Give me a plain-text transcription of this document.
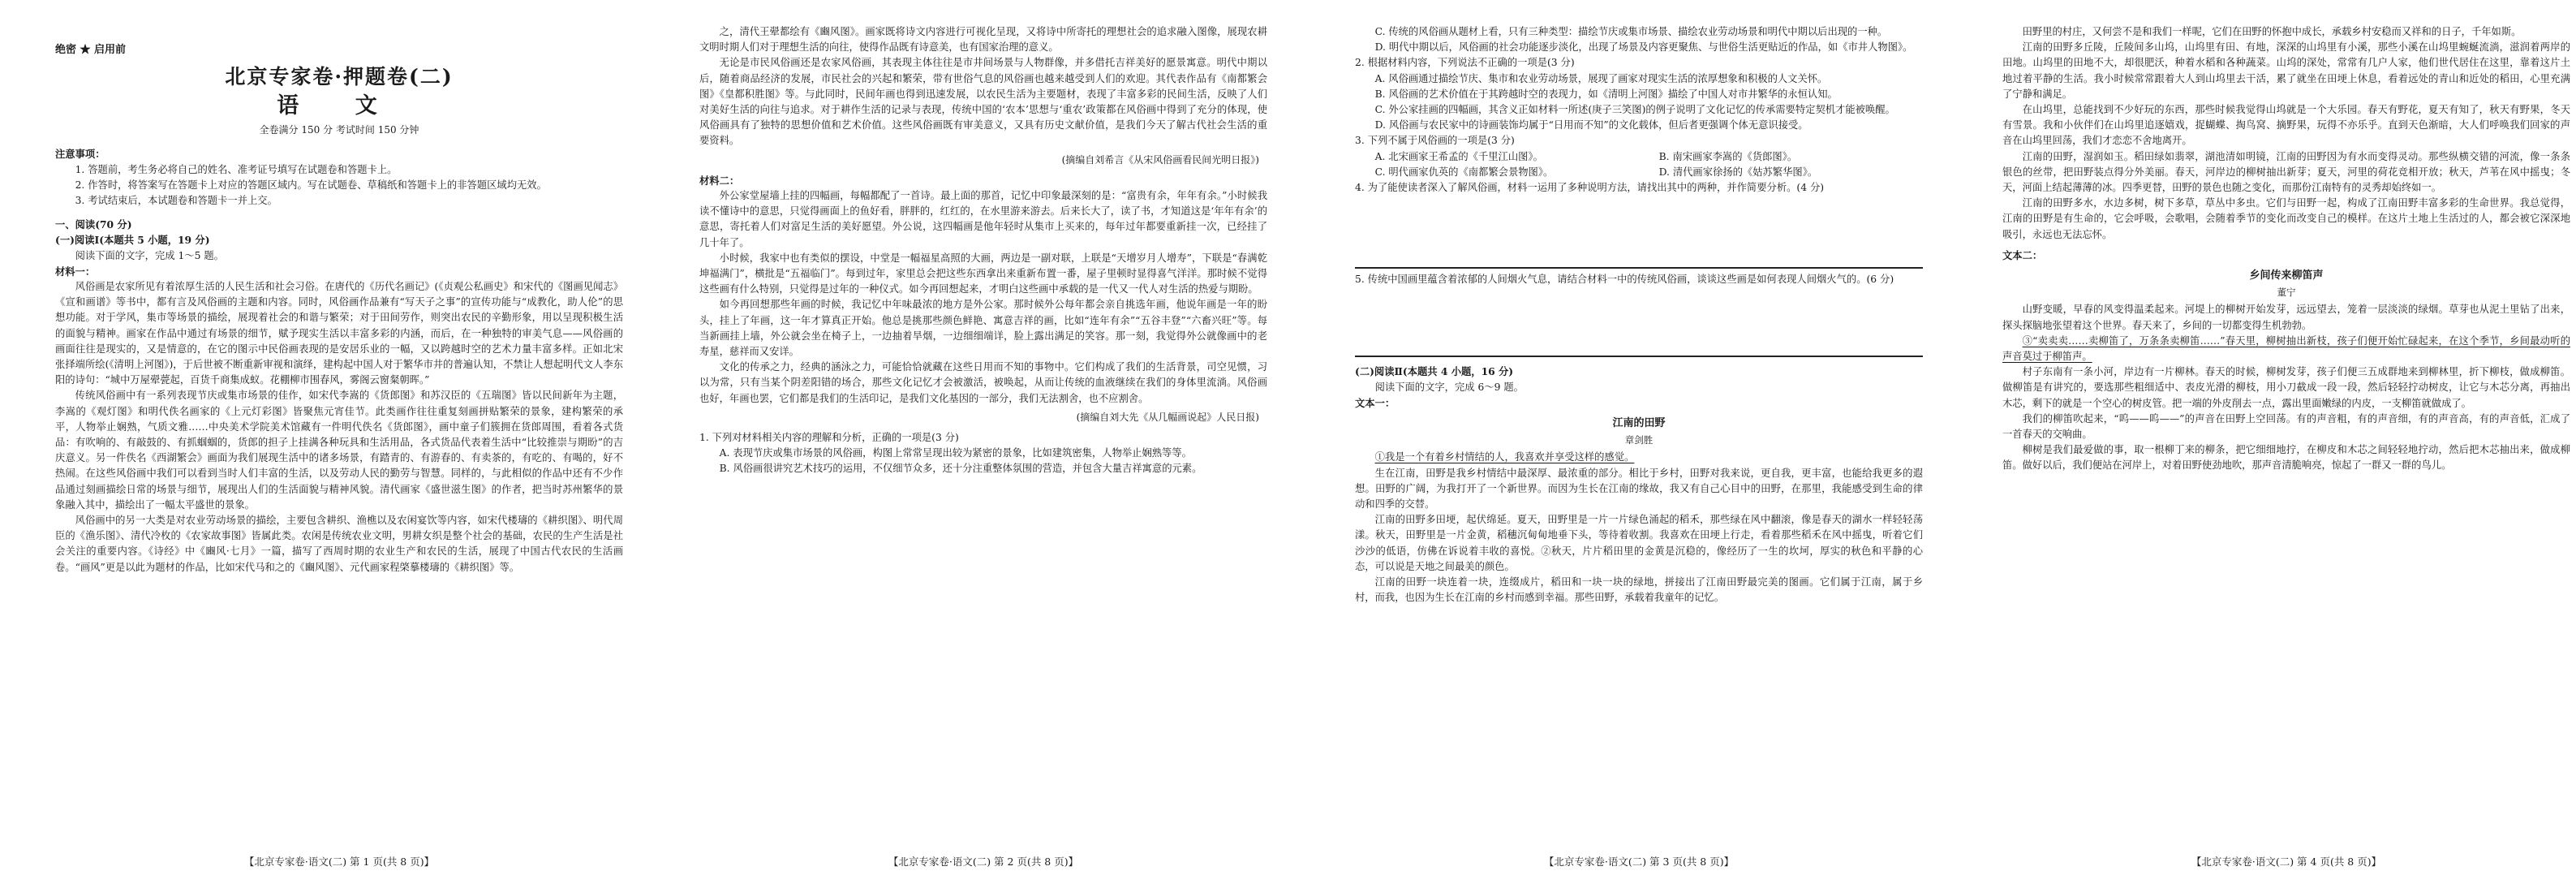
绝密 ★ 启用前

北京专家卷·押题卷(二)

语 文

全卷满分 150 分 考试时间 150 分钟

注意事项：

1. 答题前，考生务必将自己的姓名、准考证号填写在试题卷和答题卡上。

2. 作答时，将答案写在答题卡上对应的答题区域内。写在试题卷、草稿纸和答题卡上的非答题区域均无效。

3. 考试结束后，本试题卷和答题卡一并上交。

一、阅读(70 分)

(一)阅读Ⅰ(本题共 5 小题，19 分)

阅读下面的文字，完成 1～5 题。

材料一：

风俗画是农家所见有着浓厚生活的人民生活和社会习俗。在唐代的《历代名画记》(《贞观公私画史》和宋代的《图画见闻志》《宣和画谱》等书中，都有言及风俗画的主题和内容。同时，风俗画作品兼有“写天子之事”的宣传功能与“成教化，助人伦”的思想功能。对于学风，集市等场景的描绘，展现着社会的和谐与繁荣；对于田间劳作，则突出农民的辛勤形象，用以呈现积极生活的面貌与精神。画家在作品中通过有场景的细节，赋予现实生活以丰富多彩的内涵，而后，在一种独特的审美气息——风俗画的画面往往是现实的，又是情意的，在它的图示中民俗画表现的是安居乐业的一幅，又以跨越时空的艺术力量丰富多样。正如北宋张择端所绘(《清明上河图》)，于后世被不断重新审视和演绎，建构起中国人对于繁华市井的普遍认知，不禁让人想起明代文人李东阳的诗句：“城中万屋翚甍起，百货千商集成蚁。花棚柳市围春风，雾阁云窗粲朝晖。”

传统风俗画中有一系列表现节庆或集市场景的佳作，如宋代李嵩的《货郎图》和苏汉臣的《五瑞图》皆以民间新年为主题，李嵩的《观灯图》和明代佚名画家的《上元灯彩图》皆聚焦元宵佳节。此类画作往往重复刻画拼贴繁荣的景象，建构繁荣的承平，人物举止娴熟，气质文雅……中央美术学院美术馆藏有一件明代佚名《货郎图》，画中童子们簇拥在货郎周围，看着各式货品：有吹响的、有敲鼓的、有抓蝈蝈的，货郎的担子上挂满各种玩具和生活用品，各式货品代表着生活中“比较推崇与期盼”的吉庆意义。另一件佚名《西湖繁会》画面为我们展现生活中的诸多场景，有踏青的、有游春的、有卖茶的，有吃的、有喝的，好不热闹。在这些风俗画中我们可以看到当时人们丰富的生活，以及劳动人民的勤劳与智慧。同样的，与此相似的作品中还有不少作品通过刻画描绘日常的场景与细节，展现出人们的生活面貌与精神风貌。清代画家《盛世滋生图》的作者，把当时苏州繁华的景象融入其中，描绘出了一幅太平盛世的景象。

风俗画中的另一大类是对农业劳动场景的描绘，主要包含耕织、渔樵以及农闲宴饮等内容，如宋代楼璹的《耕织图》、明代周臣的《渔乐图》、清代冷枚的《农家故事图》皆属此类。农闲是传统农业文明，男耕女织是整个社会的基础，农民的生产生活是社会关注的重要内容。《诗经》中《豳风·七月》一篇，描写了西周时期的农业生产和农民的生活，展现了中国古代农民的生活画卷。“画风”更是以此为题材的作品，比如宋代马和之的《豳风图》、元代画家程棨摹楼璹的《耕织图》等。

之，清代王翚都绘有《豳风图》。画家既将诗文内容进行可视化呈现，又将诗中所寄托的理想社会的追求融入图像，展现农耕文明时期人们对于理想生活的向往，使得作品既有诗意美，也有国家治理的意义。

无论是市民风俗画还是农家风俗画，其表现主体往往是市井间场景与人物群像，并多借托吉祥美好的愿景寓意。明代中期以后，随着商品经济的发展，市民社会的兴起和繁荣，带有世俗气息的风俗画也越来越受到人们的欢迎。其代表作品有《南都繁会图》《皇都积胜图》等。与此同时，民间年画也得到迅速发展，以农民生活为主要题材，表现了丰富多彩的民间生活，反映了人们对美好生活的向往与追求。对于耕作生活的记录与表现，传统中国的‘农本’思想与‘重农’政策都在风俗画中得到了充分的体现，使风俗画具有了独特的思想价值和艺术价值。这些风俗画既有审美意义，又具有历史文献价值，是我们今天了解古代社会生活的重要资料。

(摘编自刘希言《从宋风俗画看民间光明日报》)

材料二：

外公家堂屋墙上挂的四幅画，每幅都配了一首诗。最上面的那首，记忆中印象最深刻的是：“富贵有余，年年有余。”小时候我读不懂诗中的意思，只觉得画面上的鱼好看，胖胖的，红红的，在水里游来游去。后来长大了，读了书，才知道这是‘年年有余’的意思，寄托着人们对富足生活的美好愿望。外公说，这四幅画是他年轻时从集市上买来的，每年过年都要重新挂一次，已经挂了几十年了。

小时候，我家中也有类似的摆设，中堂是一幅福星高照的大画，两边是一副对联，上联是“天增岁月人增寿”，下联是“春满乾坤福满门”，横批是“五福临门”。每到过年，家里总会把这些东西拿出来重新布置一番，屋子里顿时显得喜气洋洋。那时候不觉得这些画有什么特别，只觉得是过年的一种仪式。如今再回想起来，才明白这些画中承载的是一代又一代人对生活的热爱与期盼。

如今再回想那些年画的时候，我记忆中年味最浓的地方是外公家。那时候外公每年都会亲自挑选年画，他说年画是一年的盼头，挂上了年画，这一年才算真正开始。他总是挑那些颜色鲜艳、寓意吉祥的画，比如“连年有余”“五谷丰登”“六畜兴旺”等。每当新画挂上墙，外公就会坐在椅子上，一边抽着旱烟，一边细细端详，脸上露出满足的笑容。那一刻，我觉得外公就像画中的老寿星，慈祥而又安详。

文化的传承之力，经典的涵泳之力，可能恰恰就藏在这些日用而不知的事物中。它们构成了我们的生活背景，司空见惯，习以为常，只有当某个阴差阳错的场合，那些文化记忆才会被激活，被唤起，从而让传统的血液继续在我们的身体里流淌。风俗画也好，年画也罢，它们都是我们的生活印记，是我们文化基因的一部分，我们无法割舍，也不应割舍。

(摘编自刘大先《从几幅画说起》人民日报)

1. 下列对材料相关内容的理解和分析，正确的一项是(3 分)

A. 表现节庆或集市场景的风俗画，构图上常常呈现出较为紧密的景象，比如建筑密集，人物举止娴熟等等。

B. 风俗画很讲究艺术技巧的运用，不仅细节众多，还十分注重整体氛围的营造，并包含大量吉祥寓意的元素。

C. 传统的风俗画从题材上看，只有三种类型：描绘节庆或集市场景、描绘农业劳动场景和明代中期以后出现的一种。

D. 明代中期以后，风俗画的社会功能逐步淡化，出现了场景及内容更聚焦、与世俗生活更贴近的作品，如《市井人物图》。

2. 根据材料内容，下列说法不正确的一项是(3 分)

A. 风俗画通过描绘节庆、集市和农业劳动场景，展现了画家对现实生活的浓厚想象和积极的人文关怀。

B. 风俗画的艺术价值在于其跨越时空的表现力，如《清明上河图》描绘了中国人对市井繁华的永恒认知。

C. 外公家挂画的四幅画，其含义正如材料一所述(庚子三笑图)的例子说明了文化记忆的传承需要特定契机才能被唤醒。

D. 风俗画与农民家中的诗画装饰均属于“日用而不知”的文化载体，但后者更强调个体无意识接受。

3. 下列不属于风俗画的一项是(3 分)

A. 北宋画家王希孟的《千里江山图》。	B. 南宋画家李嵩的《货郎图》。
C. 明代画家仇英的《南都繁会景物图》。	D. 清代画家徐扬的《姑苏繁华图》。

4. 为了能使读者深入了解风俗画，材料一运用了多种说明方法，请找出其中的两种，并作简要分析。(4 分)

5. 传统中国画里蕴含着浓郁的人间烟火气息，请结合材料一中的传统风俗画，谈谈这些画是如何表现人间烟火气的。(6 分)

(二)阅读Ⅱ(本题共 4 小题，16 分)

阅读下面的文字，完成 6～9 题。

文本一：

江南的田野

章剑胜

①我是一个有着乡村情结的人，我喜欢并享受这样的感觉。

生在江南，田野是我乡村情结中最深厚、最浓重的部分。相比于乡村，田野对我来说，更自我，更丰富，也能给我更多的遐想。田野的广阔，为我打开了一个新世界。而因为生长在江南的缘故，我又有自己心目中的田野，在那里，我能感受到生命的律动和四季的交替。

江南的田野多田埂，起伏绵延。夏天，田野里是一片一片绿色涌起的稻禾，那些绿在风中翻滚，像是春天的湖水一样轻轻荡漾。秋天，田野里是一片金黄，稻穗沉甸甸地垂下头，等待着收割。我喜欢在田埂上行走，看着那些稻禾在风中摇曳，听着它们沙沙的低语，仿佛在诉说着丰收的喜悦。②秋天，片片稻田里的金黄是沉稳的，像经历了一生的坎坷，厚实的秋色和平静的心态，可以说是天地之间最美的颜色。

江南的田野一块连着一块，连缀成片，稻田和一块一块的绿地，拼接出了江南田野最完美的图画。它们属于江南，属于乡村，而我，也因为生长在江南的乡村而感到幸福。那些田野，承载着我童年的记忆。

田野里的村庄，又何尝不是和我们一样呢，它们在田野的怀抱中成长，承载乡村安稳而又祥和的日子，千年如斯。

江南的田野多丘陵，丘陵间多山坞，山坞里有田、有地，深深的山坞里有小溪，那些小溪在山坞里蜿蜒流淌，滋润着两岸的田地。山坞里的田地不大，却很肥沃，种着水稻和各种蔬菜。山坞的深处，常常有几户人家，他们世代居住在这里，靠着这片土地过着平静的生活。我小时候常常跟着大人到山坞里去干活，累了就坐在田埂上休息，看着远处的青山和近处的稻田，心里充满了宁静和满足。

在山坞里，总能找到不少好玩的东西，那些时候我觉得山坞就是一个大乐园。春天有野花，夏天有知了，秋天有野果，冬天有雪景。我和小伙伴们在山坞里追逐嬉戏，捉蝴蝶、掏鸟窝、摘野果，玩得不亦乐乎。直到天色渐暗，大人们呼唤我们回家的声音在山坞里回荡，我们才恋恋不舍地离开。

江南的田野，湿润如玉。稻田绿如翡翠，湖池清如明镜，江南的田野因为有水而变得灵动。那些纵横交错的河流，像一条条银色的丝带，把田野装点得分外美丽。春天，河岸边的柳树抽出新芽；夏天，河里的荷花竞相开放；秋天，芦苇在风中摇曳；冬天，河面上结起薄薄的冰。四季更替，田野的景色也随之变化，而那份江南特有的灵秀却始终如一。

江南的田野多水，水边多树，树下多草，草丛中多虫。它们与田野一起，构成了江南田野丰富多彩的生命世界。我总觉得，江南的田野是有生命的，它会呼吸，会歌唱，会随着季节的变化而改变自己的模样。在这片土地上生活过的人，都会被它深深地吸引，永远也无法忘怀。

文本二：

乡间传来柳笛声

董宁

山野变暖，早春的风变得温柔起来。河堤上的柳树开始发芽，远远望去，笼着一层淡淡的绿烟。草芽也从泥土里钻了出来，探头探脑地张望着这个世界。春天来了，乡间的一切都变得生机勃勃。

③“卖卖卖……卖柳笛了，万条条卖柳笛……”春天里，柳树抽出新枝，孩子们便开始忙碌起来，在这个季节，乡间最动听的声音莫过于柳笛声。

村子东南有一条小河，岸边有一片柳林。春天的时候，柳树发芽，孩子们便三五成群地来到柳林里，折下柳枝，做成柳笛。做柳笛是有讲究的，要选那些粗细适中、表皮光滑的柳枝，用小刀截成一段一段，然后轻轻拧动树皮，让它与木芯分离，再抽出木芯，剩下的就是一个空心的树皮管。把一端的外皮削去一点，露出里面嫩绿的内皮，一支柳笛就做成了。

我们的柳笛吹起来，“呜——呜——”的声音在田野上空回荡。有的声音粗，有的声音细，有的声音高，有的声音低，汇成了一首春天的交响曲。

柳树是我们最爱做的事，取一根柳丁来的柳条，把它细细地拧，在柳皮和木芯之间轻轻地拧动，然后把木芯抽出来，做成柳笛。做好以后，我们便站在河岸上，对着田野使劲地吹，那声音清脆响亮，惊起了一群又一群的鸟儿。

【北京专家卷·语文(二) 第 1 页(共 8 页)】	【北京专家卷·语文(二) 第 2 页(共 8 页)】	【北京专家卷·语文(二) 第 3 页(共 8 页)】	【北京专家卷·语文(二) 第 4 页(共 8 页)】
